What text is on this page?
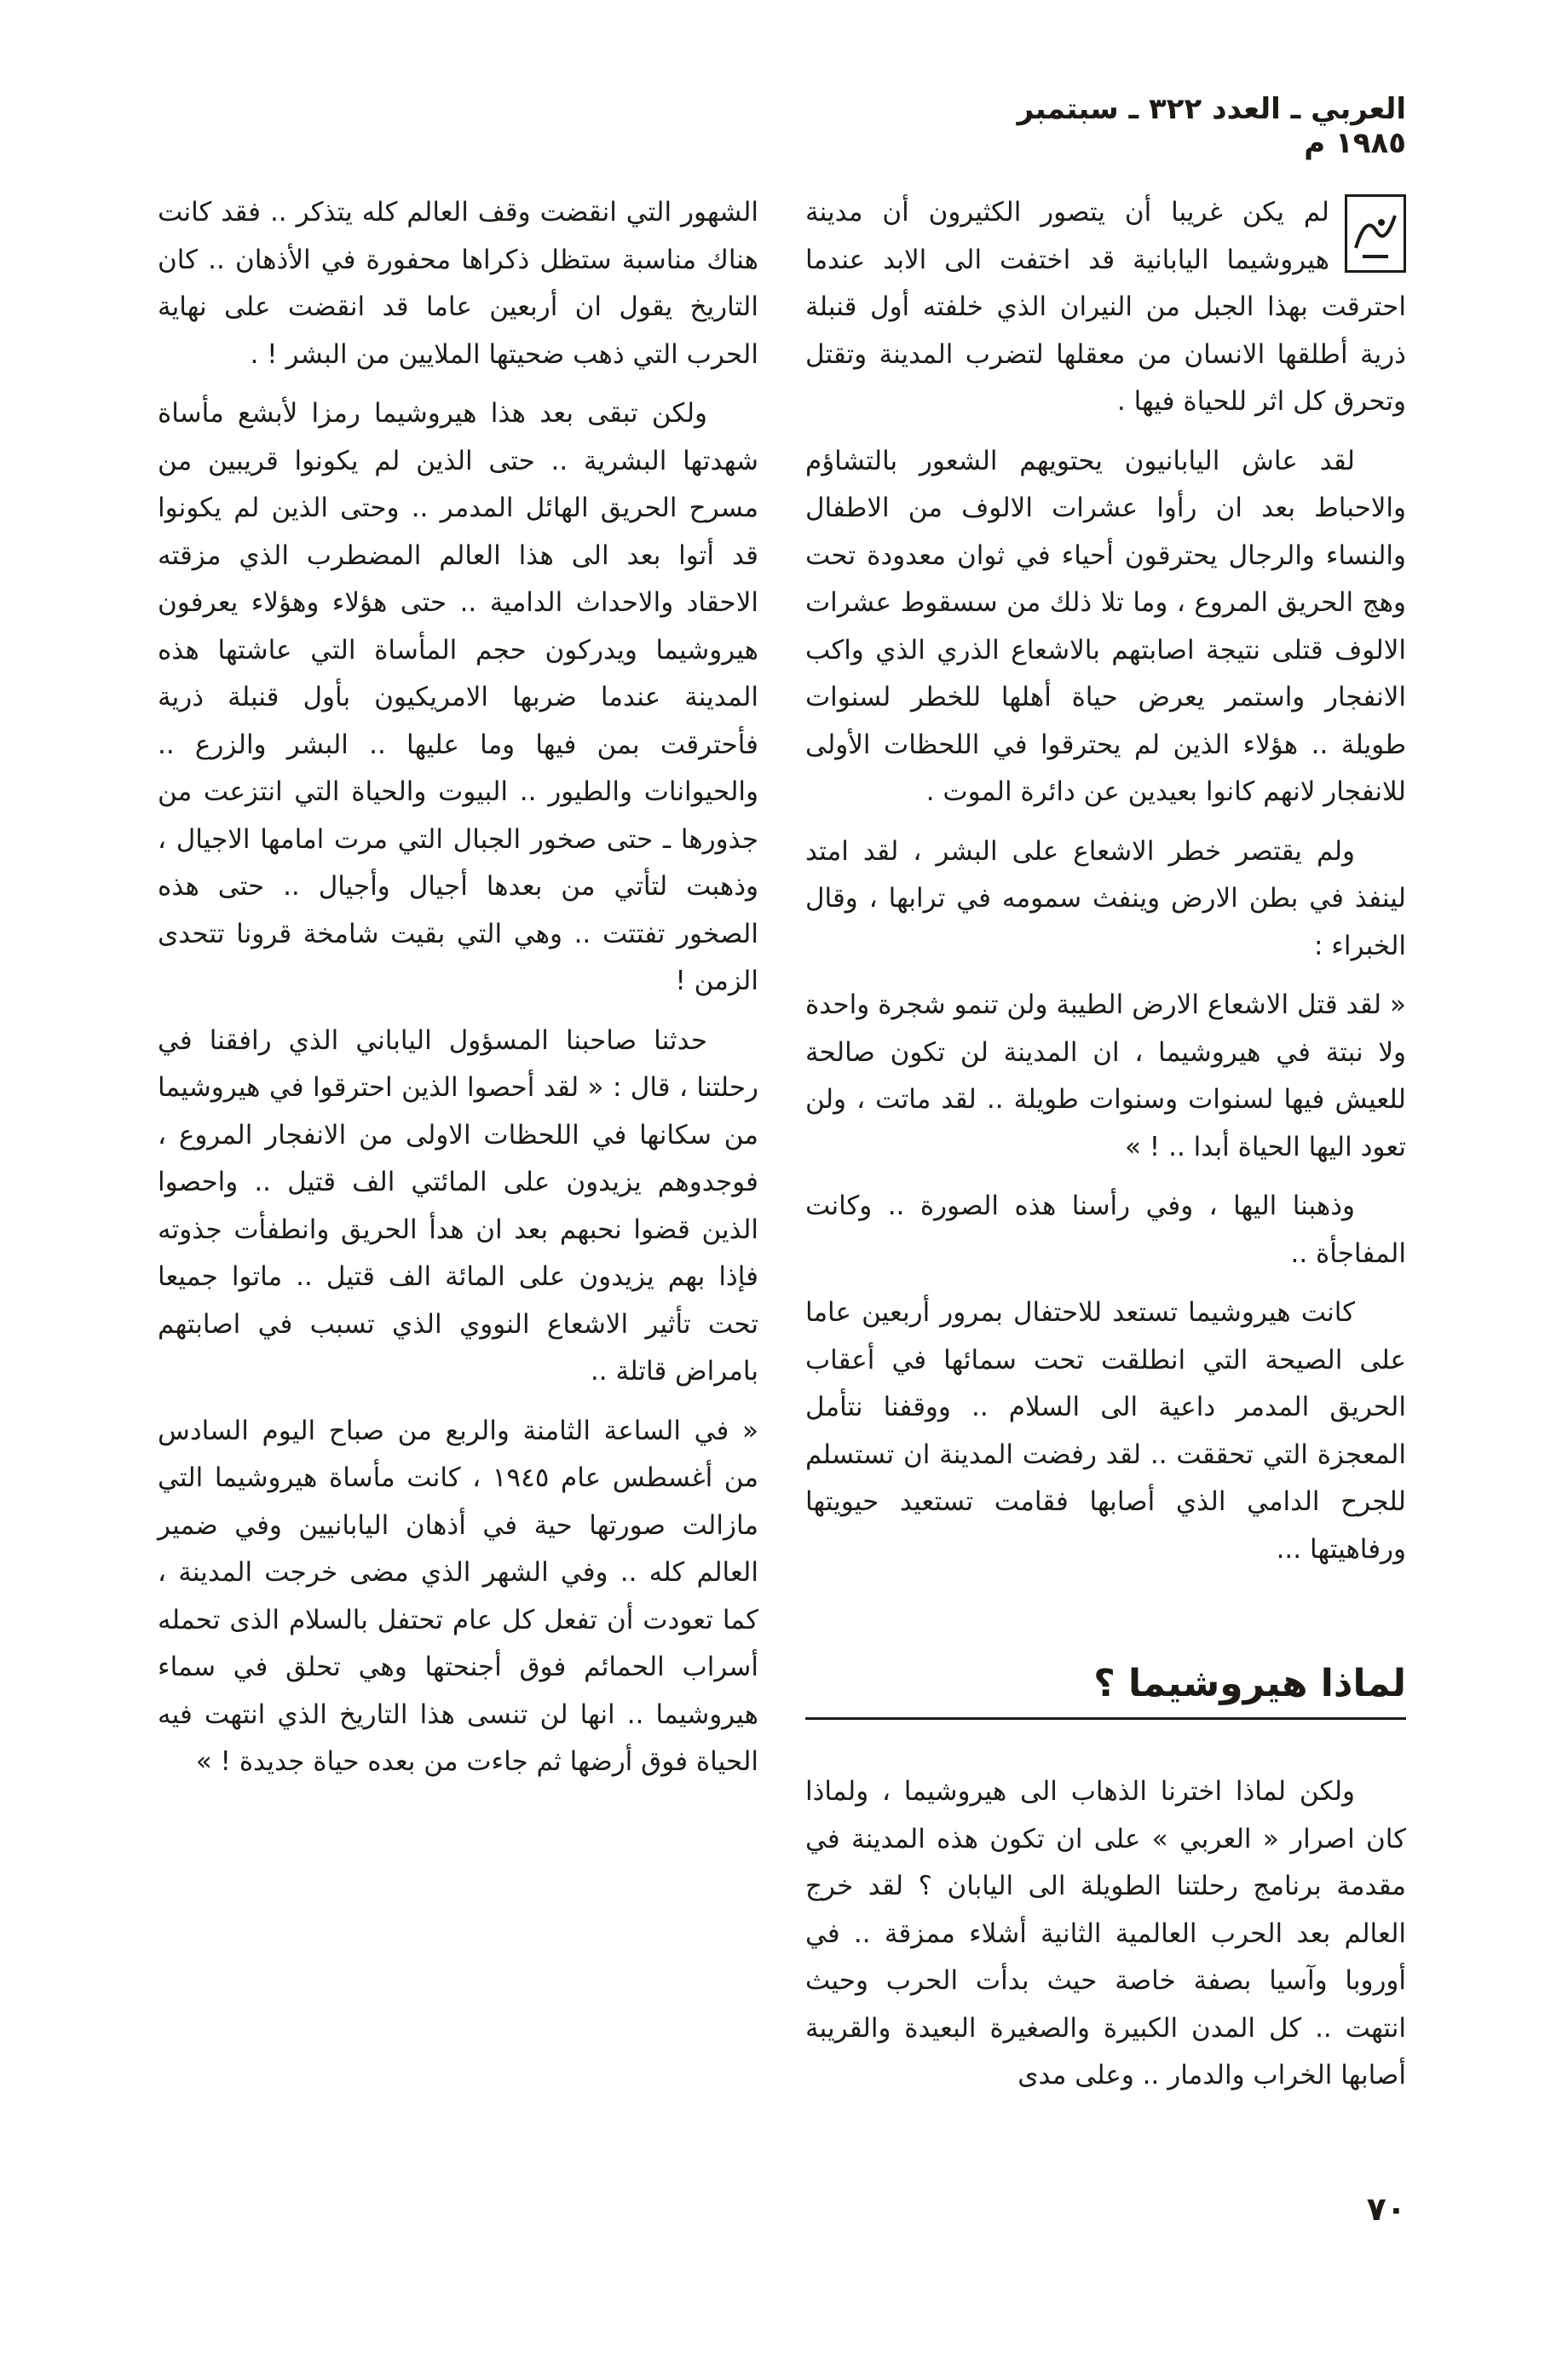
العربي ـ العدد ٣٢٢ ـ سبتمبر ١٩٨٥ م

لم يكن غريبا أن يتصور الكثيرون أن مدينة هيروشيما اليابانية قد اختفت الى الابد عندما احترقت بهذا الجبل من النيران الذي خلفته أول قنبلة ذرية أطلقها الانسان من معقلها لتضرب المدينة وتقتل وتحرق كل اثر للحياة فيها .

لقد عاش اليابانيون يحتويهم الشعور بالتشاؤم والاحباط بعد ان رأوا عشرات الالوف من الاطفال والنساء والرجال يحترقون أحياء في ثوان معدودة تحت وهج الحريق المروع ، وما تلا ذلك من سسقوط عشرات الالوف قتلى نتيجة اصابتهم بالاشعاع الذري الذي واكب الانفجار واستمر يعرض حياة أهلها للخطر لسنوات طويلة .. هؤلاء الذين لم يحترقوا في اللحظات الأولى للانفجار لانهم كانوا بعيدين عن دائرة الموت .

ولم يقتصر خطر الاشعاع على البشر ، لقد امتد لينفذ في بطن الارض وينفث سمومه في ترابها ، وقال الخبراء :

« لقد قتل الاشعاع الارض الطيبة ولن تنمو شجرة واحدة ولا نبتة في هيروشيما ، ان المدينة لن تكون صالحة للعيش فيها لسنوات وسنوات طويلة .. لقد ماتت ، ولن تعود اليها الحياة أبدا .. ! »

وذهبنا اليها ، وفي رأسنا هذه الصورة .. وكانت المفاجأة ..

كانت هيروشيما تستعد للاحتفال بمرور أربعين عاما على الصيحة التي انطلقت تحت سمائها في أعقاب الحريق المدمر داعية الى السلام .. ووقفنا نتأمل المعجزة التي تحققت .. لقد رفضت المدينة ان تستسلم للجرح الدامي الذي أصابها فقامت تستعيد حيويتها ورفاهيتها ...

لماذا هيروشيما ؟

ولكن لماذا اخترنا الذهاب الى هيروشيما ، ولماذا كان اصرار « العربي » على ان تكون هذه المدينة في مقدمة برنامج رحلتنا الطويلة الى اليابان ؟ لقد خرج العالم بعد الحرب العالمية الثانية أشلاء ممزقة .. في أوروبا وآسيا بصفة خاصة حيث بدأت الحرب وحيث انتهت .. كل المدن الكبيرة والصغيرة البعيدة والقريبة أصابها الخراب والدمار .. وعلى مدى

الشهور التي انقضت وقف العالم كله يتذكر .. فقد كانت هناك مناسبة ستظل ذكراها محفورة في الأذهان .. كان التاريخ يقول ان أربعين عاما قد انقضت على نهاية الحرب التي ذهب ضحيتها الملايين من البشر ! .

ولكن تبقى بعد هذا هيروشيما رمزا لأبشع مأساة شهدتها البشرية .. حتى الذين لم يكونوا قريبين من مسرح الحريق الهائل المدمر .. وحتى الذين لم يكونوا قد أتوا بعد الى هذا العالم المضطرب الذي مزقته الاحقاد والاحداث الدامية .. حتى هؤلاء وهؤلاء يعرفون هيروشيما ويدركون حجم المأساة التي عاشتها هذه المدينة عندما ضربها الامريكيون بأول قنبلة ذرية فأحترقت بمن فيها وما عليها .. البشر والزرع .. والحيوانات والطيور .. البيوت والحياة التي انتزعت من جذورها ـ حتى صخور الجبال التي مرت امامها الاجيال ، وذهبت لتأتي من بعدها أجيال وأجيال .. حتى هذه الصخور تفتتت .. وهي التي بقيت شامخة قرونا تتحدى الزمن !

حدثنا صاحبنا المسؤول الياباني الذي رافقنا في رحلتنا ، قال : « لقد أحصوا الذين احترقوا في هيروشيما من سكانها في اللحظات الاولى من الانفجار المروع ، فوجدوهم يزيدون على المائتي الف قتيل .. واحصوا الذين قضوا نحبهم بعد ان هدأ الحريق وانطفأت جذوته فإذا بهم يزيدون على المائة الف قتيل .. ماتوا جميعا تحت تأثير الاشعاع النووي الذي تسبب في اصابتهم بامراض قاتلة ..

« في الساعة الثامنة والربع من صباح اليوم السادس من أغسطس عام ١٩٤٥ ، كانت مأساة هيروشيما التي مازالت صورتها حية في أذهان اليابانيين وفي ضمير العالم كله .. وفي الشهر الذي مضى خرجت المدينة ، كما تعودت أن تفعل كل عام تحتفل بالسلام الذى تحمله أسراب الحمائم فوق أجنحتها وهي تحلق في سماء هيروشيما .. انها لن تنسى هذا التاريخ الذي انتهت فيه الحياة فوق أرضها ثم جاءت من بعده حياة جديدة ! »

٧٠
